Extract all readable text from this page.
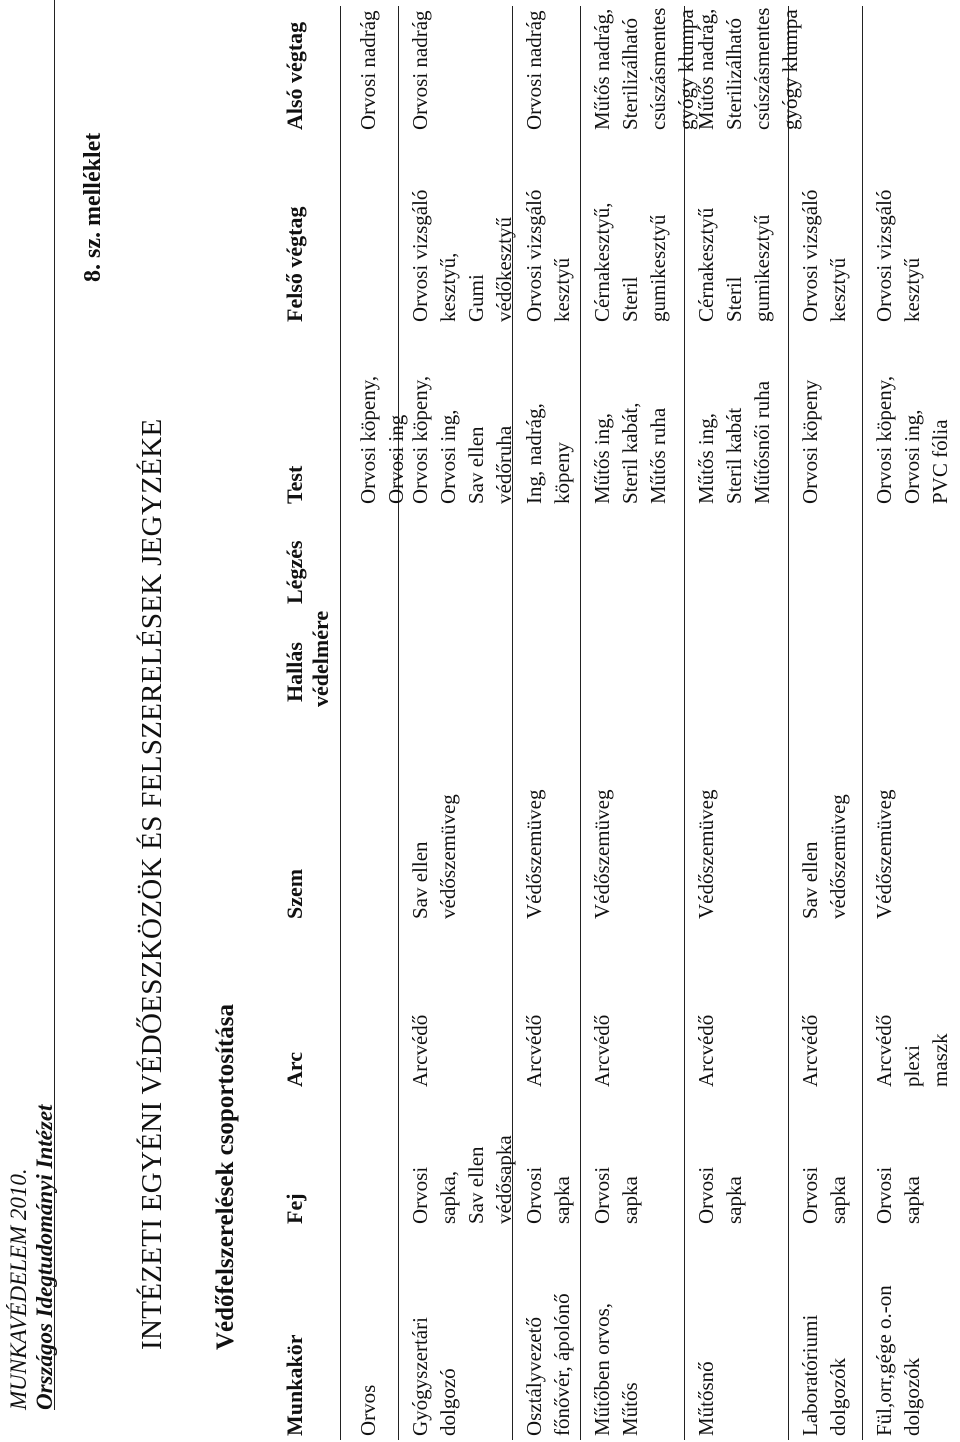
MUNKAVÉDELEM 2010. Országos Idegtudományi Intézet
8. sz. melléklet
INTÉZETI EGYÉNI VÉDŐESZKÖZÖK ÉS FELSZERELÉSEK JEGYZÉKE Védőfelszerelések csoportosítása
Munkakör
Fej
Arc
Szem
Hallás védelmére
Légzés
Test
Felső végtag
Alsó végtag
Orvos
Orvosi köpeny, Orvosi ing
Orvosi nadrág
Gyógyszertári dolgozó
Orvosi sapka, Sav ellen védősapka
Arcvédő
Sav ellen védőszemüveg
Orvosi köpeny, Orvosi ing, Sav ellen védőruha
Orvosi vizsgáló kesztyű, Gumi védőkesztyű
Orvosi nadrág
Osztályvezető főnővér, ápolónő
Orvosi sapka
Arcvédő
Védőszemüveg
Ing, nadrág, köpeny
Orvosi vizsgáló kesztyű
Orvosi nadrág
Műtőben orvos, Műtős
Orvosi sapka
Arcvédő
Védőszemüveg
Műtős ing, Steril kabát, Műtős ruha
Cérnakesztyű, Steril gumikesztyű
Műtős nadrág, Sterilizálható csúszásmentes gyógy klumpa
Műtősnő
Orvosi sapka
Arcvédő
Védőszemüveg
Műtős ing, Steril kabát Műtősnői ruha
Cérnakesztyű Steril gumikesztyű
Műtős nadrág, Sterilizálható csúszásmentes gyógy klumpa
Laboratóriumi dolgozók
Orvosi sapka
Arcvédő
Sav ellen védőszemüveg
Orvosi köpeny
Orvosi vizsgáló kesztyű
Fül,orr,gége o.-on dolgozók
Orvosi sapka
Arcvédő plexi maszk
Védőszemüveg
Orvosi köpeny, Orvosi ing, PVC fólia
Orvosi vizsgáló kesztyű
